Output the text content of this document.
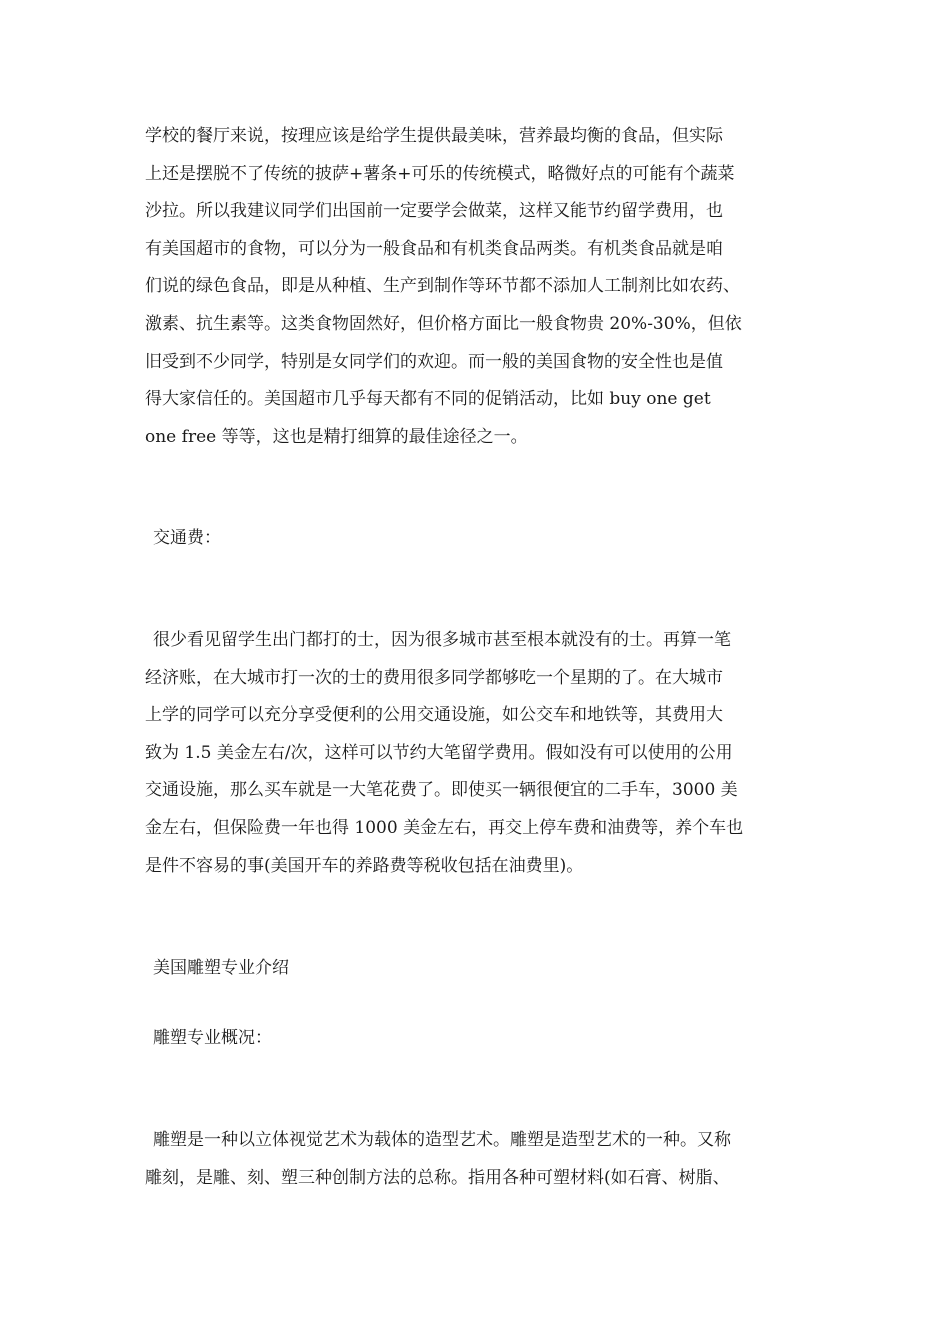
学校的餐厅来说，按理应该是给学生提供最美味，营养最均衡的食品，但实际
上还是摆脱不了传统的披萨+薯条+可乐的传统模式，略微好点的可能有个蔬菜
沙拉。所以我建议同学们出国前一定要学会做菜，这样又能节约留学费用，也
有美国超市的食物，可以分为一般食品和有机类食品两类。有机类食品就是咱
们说的绿色食品，即是从种植、生产到制作等环节都不添加人工制剂比如农药、
激素、抗生素等。这类食物固然好，但价格方面比一般食物贵 20%-30%，但依
旧受到不少同学，特别是女同学们的欢迎。而一般的美国食物的安全性也是值
得大家信任的。美国超市几乎每天都有不同的促销活动，比如 buy one get
one free 等等，这也是精打细算的最佳途径之一。
交通费：
很少看见留学生出门都打的士，因为很多城市甚至根本就没有的士。再算一笔
经济账，在大城市打一次的士的费用很多同学都够吃一个星期的了。在大城市
上学的同学可以充分享受便利的公用交通设施，如公交车和地铁等，其费用大
致为 1.5 美金左右/次，这样可以节约大笔留学费用。假如没有可以使用的公用
交通设施，那么买车就是一大笔花费了。即使买一辆很便宜的二手车，3000 美
金左右，但保险费一年也得 1000 美金左右，再交上停车费和油费等，养个车也
是件不容易的事(美国开车的养路费等税收包括在油费里)。
美国雕塑专业介绍
雕塑专业概况：
雕塑是一种以立体视觉艺术为载体的造型艺术。雕塑是造型艺术的一种。又称
雕刻，是雕、刻、塑三种创制方法的总称。指用各种可塑材料(如石膏、树脂、
